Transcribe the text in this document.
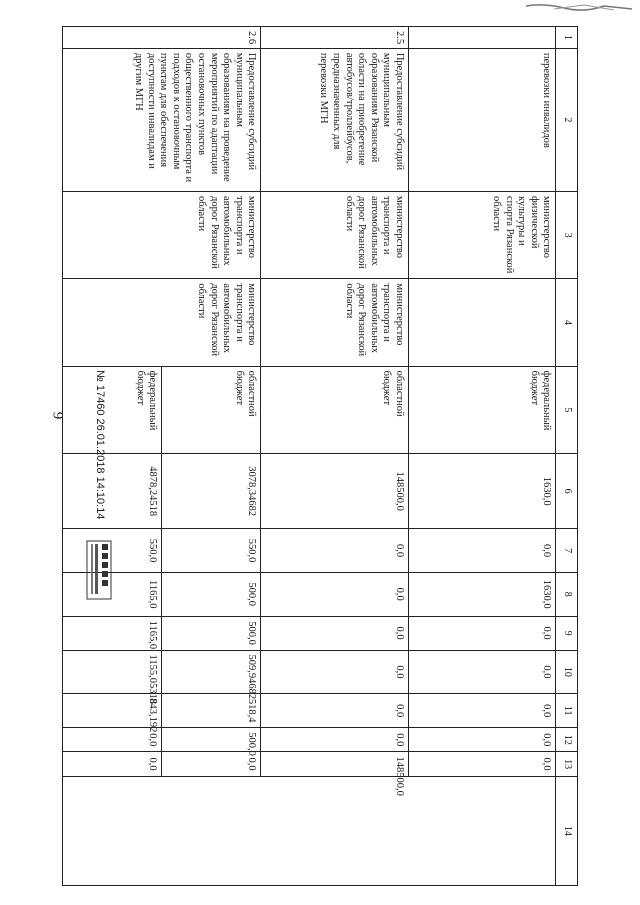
9
1	2	3	4	5	6	7	8	9	10	11	12	13	14
	перевозки инвалидов	министерство физической культуры и спорта Рязанской области		федеральный бюджет	1630,0	0,0	1630,0	0,0	0,0	0,0	0,0	0,0	
2.5	Предоставление субсидий муниципальным образованиям Рязанской области на приобретение автобусов/троллейбусов, предназначенных для перевозки МГН	министерство транспорта и автомобильных дорог Рязанской области	министерство транспорта и автомобильных дорог Рязанской области	областной бюджет	148500,0	0,0	0,0	0,0	0,0	0,0	0,0	148500,0	
2.6	Предоставление субсидий муниципальным образованиям на проведение мероприятий по адаптации остановочных пунктов общественного транспорта и подходов к остановочным пунктам для обеспечения доступности инвалидам и другим МГН	министерство транспорта и автомобильных дорог Рязанской области	министерство транспорта и автомобильных дорог Рязанской области	областной бюджет	3078,34682	550,0	500,0	500,0	509,94682	518,4	500,0	0,0	
				федеральный бюджет	4878,24518	550,0	1165,0	1165,0	1155,05318	843,192	0,0	0,0	
№ 17460 26.01.2018 14:10:14
